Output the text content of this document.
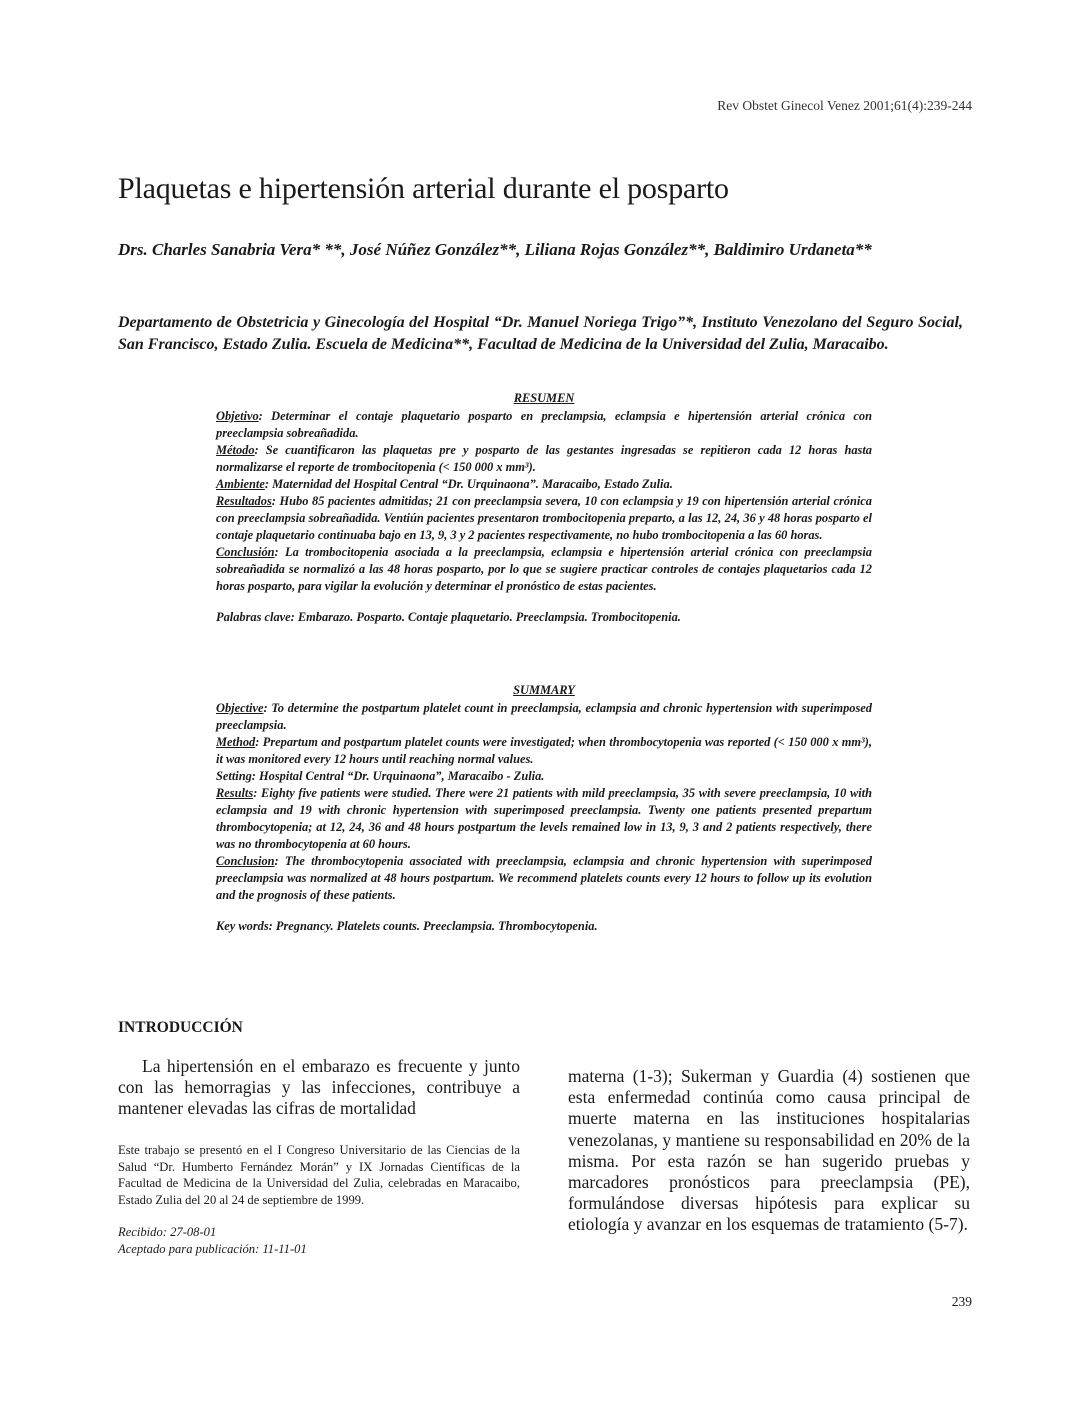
Rev Obstet Ginecol Venez 2001;61(4):239-244
Plaquetas e hipertensión arterial durante el posparto
Drs. Charles Sanabria Vera* **, José Núñez González**, Liliana Rojas González**, Baldimiro Urdaneta**
Departamento de Obstetricia y Ginecología del Hospital “Dr. Manuel Noriega Trigo”*, Instituto Venezolano del Seguro Social, San Francisco, Estado Zulia. Escuela de Medicina**, Facultad de Medicina de la Universidad del Zulia, Maracaibo.
RESUMEN

Objetivo: Determinar el contaje plaquetario posparto en preclampsia, eclampsia e hipertensión arterial crónica con preeclampsia sobreañadida.

Método: Se cuantificaron las plaquetas pre y posparto de las gestantes ingresadas se repitieron cada 12 horas hasta normalizarse el reporte de trombocitopenia (< 150 000 x mm³).

Ambiente: Maternidad del Hospital Central “Dr. Urquinaona”. Maracaibo, Estado Zulia.

Resultados: Hubo 85 pacientes admitidas; 21 con preeclampsia severa, 10 con eclampsia y 19 con hipertensión arterial crónica con preeclampsia sobreañadida. Ventiún pacientes presentaron trombocitopenia preparto, a las 12, 24, 36 y 48 horas posparto el contaje plaquetario continuaba bajo en 13, 9, 3 y 2 pacientes respectivamente, no hubo trombocitopenia a las 60 horas.

Conclusión: La trombocitopenia asociada a la preeclampsia, eclampsia e hipertensión arterial crónica con preeclampsia sobreañadida se normalizó a las 48 horas posparto, por lo que se sugiere practicar controles de contajes plaquetarios cada 12 horas posparto, para vigilar la evolución y determinar el pronóstico de estas pacientes.

Palabras clave: Embarazo. Posparto. Contaje plaquetario. Preeclampsia. Trombocitopenia.

SUMMARY

Objective: To determine the postpartum platelet count in preeclampsia, eclampsia and chronic hypertension with superimposed preeclampsia.

Method: Prepartum and postpartum platelet counts were investigated; when thrombocytopenia was reported (< 150 000 x mm³), it was monitored every 12 hours until reaching normal values.

Setting: Hospital Central “Dr. Urquinaona”, Maracaibo - Zulia.

Results: Eighty five patients were studied. There were 21 patients with mild preeclampsia, 35 with severe preeclampsia, 10 with eclampsia and 19 with chronic hypertension with superimposed preeclampsia. Twenty one patients presented prepartum thrombocytopenia; at 12, 24, 36 and 48 hours postpartum the levels remained low in 13, 9, 3 and 2 patients respectively, there was no thrombocytopenia at 60 hours.

Conclusion: The thrombocytopenia associated with preeclampsia, eclampsia and chronic hypertension with superimposed preeclampsia was normalized at 48 hours postpartum. We recommend platelets counts every 12 hours to follow up its evolution and the prognosis of these patients.

Key words: Pregnancy. Platelets counts. Preeclampsia. Thrombocytopenia.

INTRODUCCIÓN
La hipertensión en el embarazo es frecuente y junto con las hemorragias y las infecciones, contribuye a mantener elevadas las cifras de mortalidad
Este trabajo se presentó en el I Congreso Universitario de las Ciencias de la Salud “Dr. Humberto Fernández Morán” y IX Jornadas Científicas de la Facultad de Medicina de la Universidad del Zulia, celebradas en Maracaibo, Estado Zulia del 20 al 24 de septiembre de 1999.
Recibido: 27-08-01
Aceptado para publicación: 11-11-01
materna (1-3); Sukerman y Guardia (4) sostienen que esta enfermedad continúa como causa principal de muerte materna en las instituciones hospitalarias venezolanas, y mantiene su responsabilidad en 20% de la misma. Por esta razón se han sugerido pruebas y marcadores pronósticos para preeclampsia (PE), formulándose diversas hipótesis para explicar su etiología y avanzar en los esquemas de tratamiento (5-7).
239
